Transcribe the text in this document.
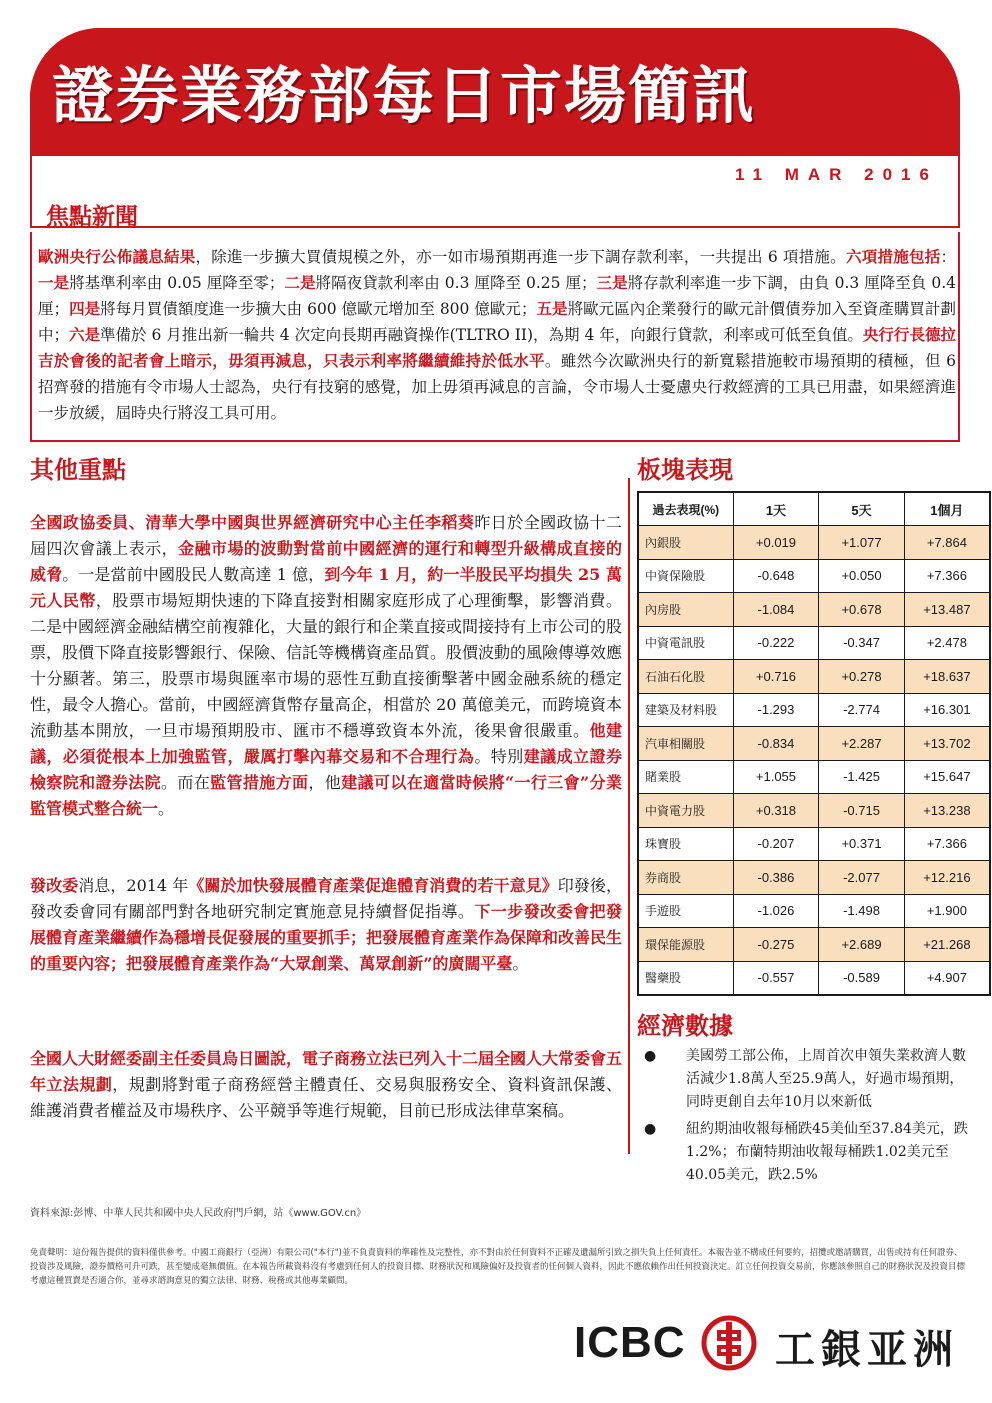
證券業務部每日市場簡訊
11 MAR 2016
焦點新聞
歐洲央行公佈議息結果，除進一步擴大買債規模之外，亦一如市場預期再進一步下調存款利率，一共提出 6 項措施。六項措施包括：一是將基準利率由 0.05 厘降至零；二是將隔夜貸款利率由 0.3 厘降至 0.25 厘；三是將存款利率進一步下調，由負 0.3 厘降至負 0.4 厘；四是將每月買債額度進一步擴大由 600 億歐元增加至 800 億歐元；五是將歐元區內企業發行的歐元計價債券加入至資產購買計劃中；六是準備於 6 月推出新一輪共 4 次定向長期再融資操作(TLTRO II)，為期 4 年，向銀行貸款，利率或可低至負值。央行行長德拉吉於會後的記者會上暗示，毋須再減息，只表示利率將繼續維持於低水平。雖然今次歐洲央行的新寬鬆措施較市場預期的積極，但 6 招齊發的措施有令市場人士認為，央行有技窮的感覺，加上毋須再減息的言論，令市場人士憂慮央行救經濟的工具已用盡，如果經濟進一步放緩，屆時央行將沒工具可用。
其他重點
全國政協委員、清華大學中國與世界經濟研究中心主任李稻葵昨日於全國政協十二屆四次會議上表示，金融市場的波動對當前中國經濟的運行和轉型升級構成直接的威脅。一是當前中國股民人數高達 1 億，到今年 1 月，約一半股民平均損失 25 萬元人民幣，股票市場短期快速的下降直接對相關家庭形成了心理衝擊，影響消費。二是中國經濟金融結構空前複雜化，大量的銀行和企業直接或間接持有上市公司的股票，股價下降直接影響銀行、保險、信託等機構資產品質。股價波動的風險傳導效應十分顯著。第三，股票市場與匯率市場的惡性互動直接衝擊著中國金融系統的穩定性，最令人擔心。當前，中國經濟貨幣存量高企，相當於 20 萬億美元，而跨境資本流動基本開放，一旦市場預期股市、匯市不穩導致資本外流，後果會很嚴重。他建議，必須從根本上加強監管，嚴厲打擊內幕交易和不合理行為。特別建議成立證券檢察院和證券法院。而在監管措施方面，他建議可以在適當時候將“一行三會”分業監管模式整合統一。
發改委消息，2014 年《關於加快發展體育產業促進體育消費的若干意見》印發後，發改委會同有關部門對各地研究制定實施意見持續督促指導。下一步發改委會把發展體育產業繼續作為穩增長促發展的重要抓手；把發展體育產業作為保障和改善民生的重要內容；把發展體育產業作為“大眾創業、萬眾創新”的廣闊平臺。
全國人大財經委副主任委員烏日圖說，電子商務立法已列入十二屆全國人大常委會五年立法規劃，規劃將對電子商務經營主體責任、交易與服務安全、資料資訊保護、維護消費者權益及市場秩序、公平競爭等進行規範，目前已形成法律草案稿。
板塊表現
過去表現(%)	1天	5天	1個月
內銀股	+0.019	+1.077	+7.864
中資保險股	-0.648	+0.050	+7.366
內房股	-1.084	+0.678	+13.487
中資電訊股	-0.222	-0.347	+2.478
石油石化股	+0.716	+0.278	+18.637
建築及材料股	-1.293	-2.774	+16.301
汽車相關股	-0.834	+2.287	+13.702
賭業股	+1.055	-1.425	+15.647
中資電力股	+0.318	-0.715	+13.238
珠寶股	-0.207	+0.371	+7.366
券商股	-0.386	-2.077	+12.216
手遊股	-1.026	-1.498	+1.900
環保能源股	-0.275	+2.689	+21.268
醫藥股	-0.557	-0.589	+4.907
經濟數據
●	美國勞工部公佈，上周首次申領失業救濟人數活減少1.8萬人至25.9萬人，好過市場預期，同時更創自去年10月以來新低
●	紐約期油收報每桶跌45美仙至37.84美元，跌1.2%；布蘭特期油收報每桶跌1.02美元至40.05美元，跌2.5%
資料來源:彭博、中華人民共和國中央人民政府門戶網，站《www.GOV.cn》
免責聲明：這份報告提供的資料僅供參考。中國工商銀行（亞洲）有限公司("本行")並不負責資料的準確性及完整性，亦不對由於任何資料不正確及遺漏所引致之損失負上任何責任。本報告並不構成任何要約，招攬或邀請購買，出售或持有任何證券、投資涉及風險，證券價格可升可跌，甚至變成毫無價值。在本報告所載資料沒有考慮到任何人的投資目標、財務狀況和風險偏好及投資者的任何個人資料，因此不應依賴作出任何投資決定。訂立任何投資交易前，你應該參照自己的財務狀況及投資目標考慮這種買賣是否適合你，並尋求諮詢意見的獨立法律、財務、稅務或其他專業顧問。
ICBC 工銀亚洲
